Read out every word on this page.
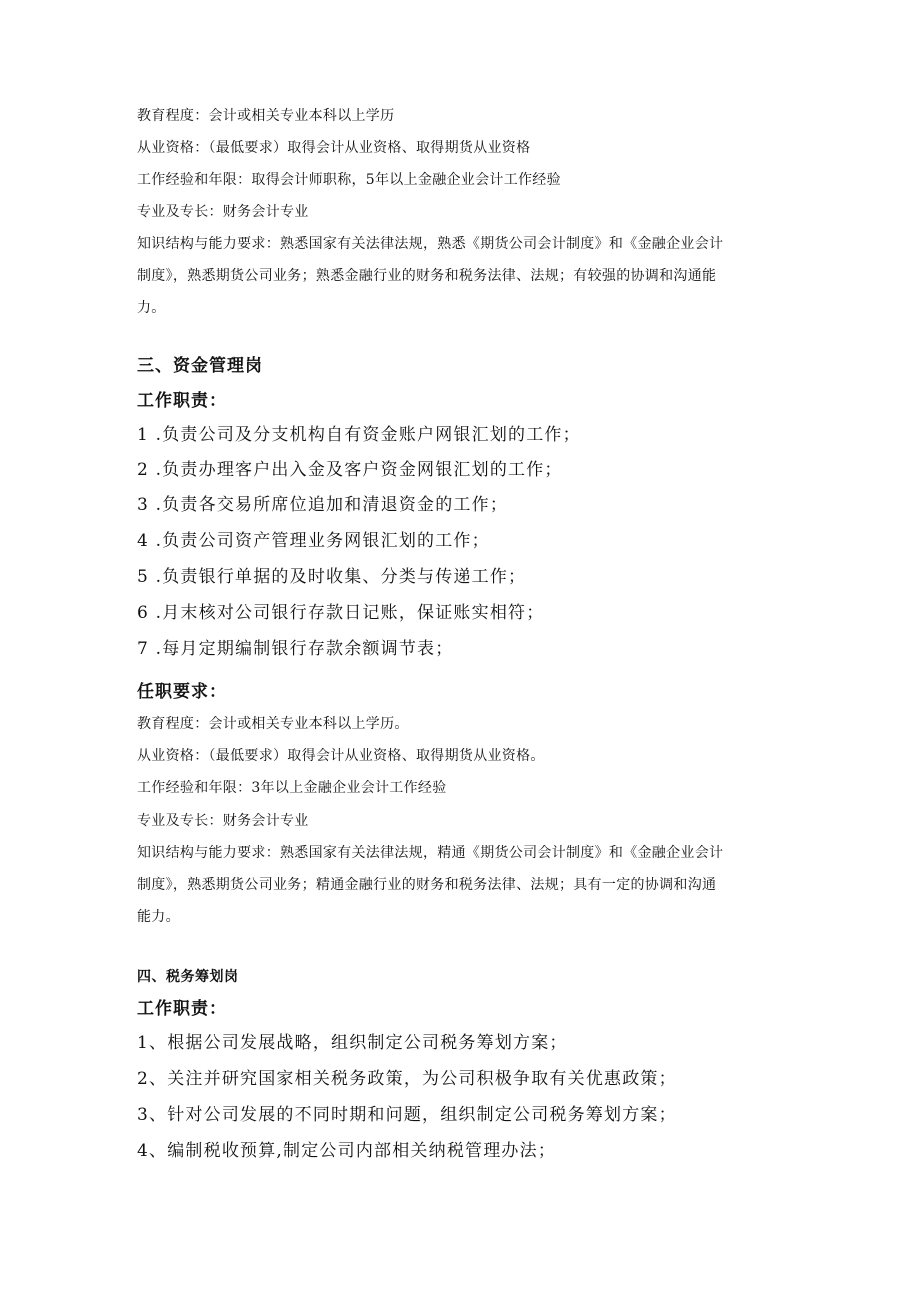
教育程度：会计或相关专业本科以上学历
从业资格：（最低要求）取得会计从业资格、取得期货从业资格
工作经验和年限：取得会计师职称，5年以上金融企业会计工作经验
专业及专长：财务会计专业
知识结构与能力要求：熟悉国家有关法律法规，熟悉《期货公司会计制度》和《金融企业会计
制度》，熟悉期货公司业务；熟悉金融行业的财务和税务法律、法规；有较强的协调和沟通能
力。
三、资金管理岗
工作职责：
1 .负责公司及分支机构自有资金账户网银汇划的工作；
2 .负责办理客户出入金及客户资金网银汇划的工作；
3 .负责各交易所席位追加和清退资金的工作；
4 .负责公司资产管理业务网银汇划的工作；
5 .负责银行单据的及时收集、分类与传递工作；
6 .月末核对公司银行存款日记账，保证账实相符；
7 .每月定期编制银行存款余额调节表；
任职要求：
教育程度：会计或相关专业本科以上学历。
从业资格：（最低要求）取得会计从业资格、取得期货从业资格。
工作经验和年限：3年以上金融企业会计工作经验
专业及专长：财务会计专业
知识结构与能力要求：熟悉国家有关法律法规，精通《期货公司会计制度》和《金融企业会计
制度》，熟悉期货公司业务；精通金融行业的财务和税务法律、法规；具有一定的协调和沟通
能力。
四、税务筹划岗
工作职责：
1、根据公司发展战略，组织制定公司税务筹划方案；
2、关注并研究国家相关税务政策，为公司积极争取有关优惠政策；
3、针对公司发展的不同时期和问题，组织制定公司税务筹划方案；
4、编制税收预算,制定公司内部相关纳税管理办法；
